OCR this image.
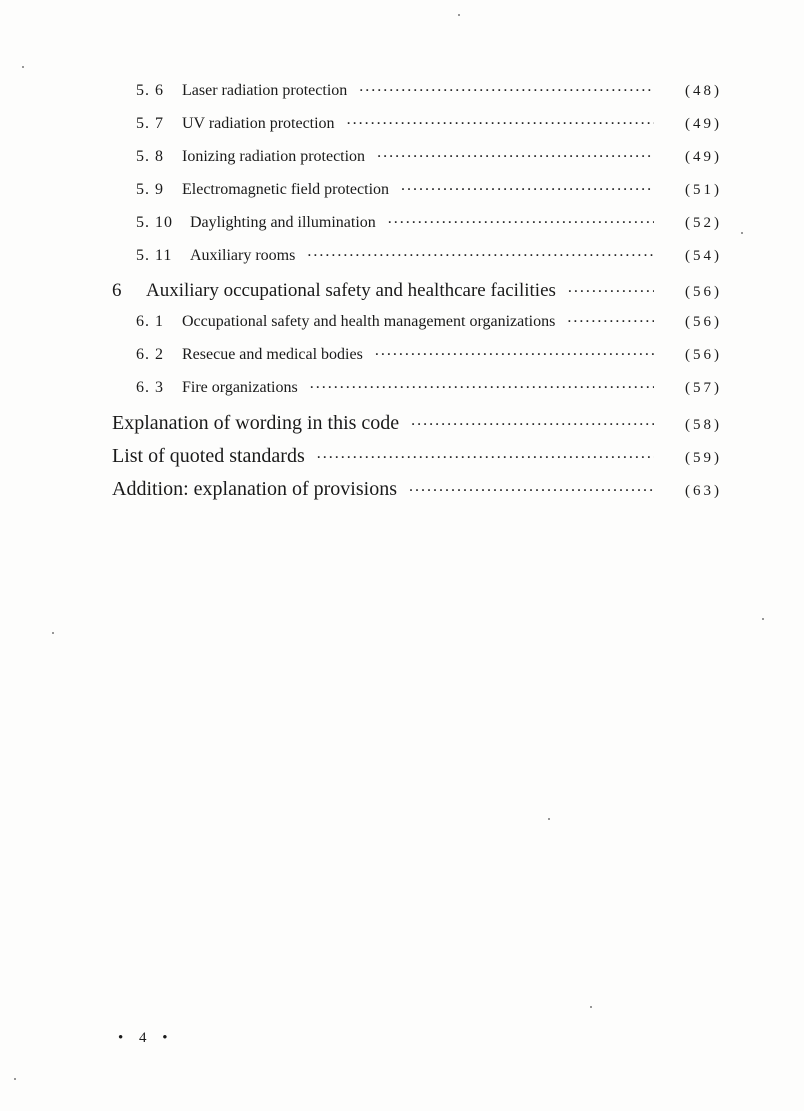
5. 6	Laser radiation protection ·····	(48)
5. 7	UV radiation protection ·····	(49)
5. 8	Ionizing radiation protection ·····	(49)
5. 9	Electromagnetic field protection ·····	(51)
5. 10	Daylighting and illumination ·····	(52)
5. 11	Auxiliary rooms ·····	(54)
6	Auxiliary occupational safety and healthcare facilities ·····	(56)
6. 1	Occupational safety and health management organizations ·····	(56)
6. 2	Resecue and medical bodies ·····	(56)
6. 3	Fire organizations ·····	(57)
Explanation of wording in this code ·····	(58)
List of quoted standards ·····	(59)
Addition: explanation of provisions ·····	(63)
• 4 •
